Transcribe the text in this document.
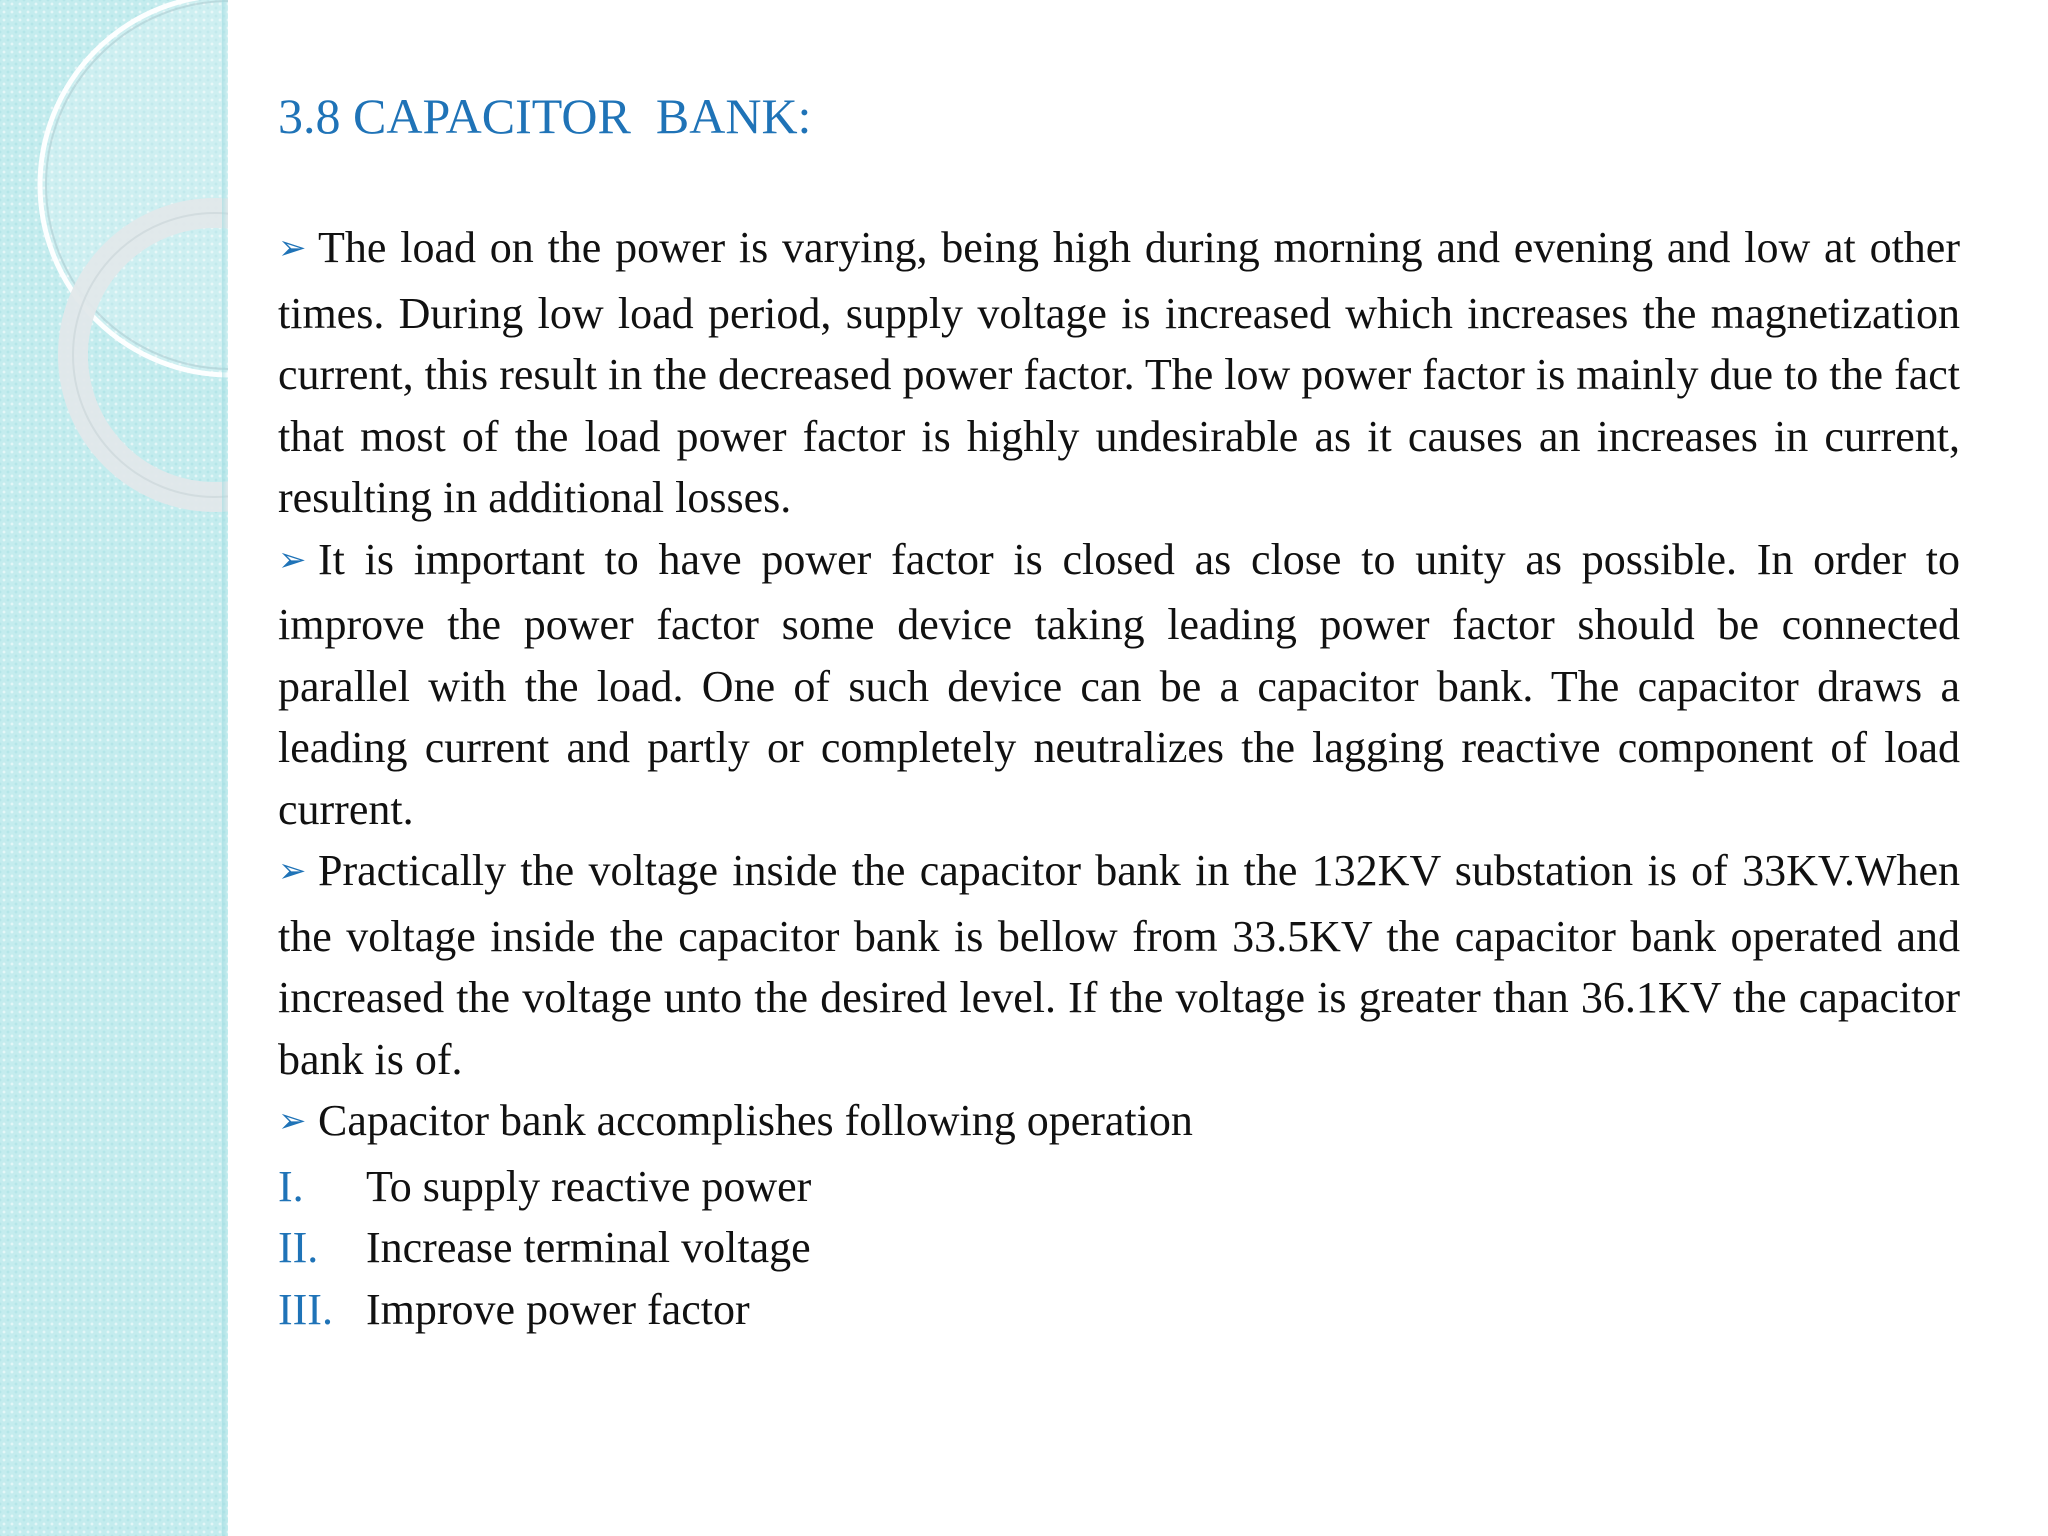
3.8 CAPACITOR  BANK:

➢ The load on the power is varying, being high during morning and evening and low at other times. During low load period, supply voltage is increased which increases the magnetization current, this result in the decreased power factor. The low power factor is mainly due to the fact that most of the load power factor is highly undesirable as it causes an increases in current, resulting in additional losses.

➢ It is important to have power factor is closed as close to unity as possible. In order to improve the power factor some device taking leading power factor should be connected parallel with the load. One of such device can be a capacitor bank. The capacitor draws a leading current and partly or completely neutralizes the lagging reactive component of load current.

➢ Practically the voltage inside the capacitor bank in the 132KV substation is of 33KV.When the voltage inside the capacitor bank is bellow from 33.5KV the capacitor bank operated and increased the voltage unto the desired level. If the voltage is greater than 36.1KV the capacitor bank is of.

➢ Capacitor bank accomplishes following operation

I.	To supply reactive power
II.	Increase terminal voltage
III. Improve power factor
